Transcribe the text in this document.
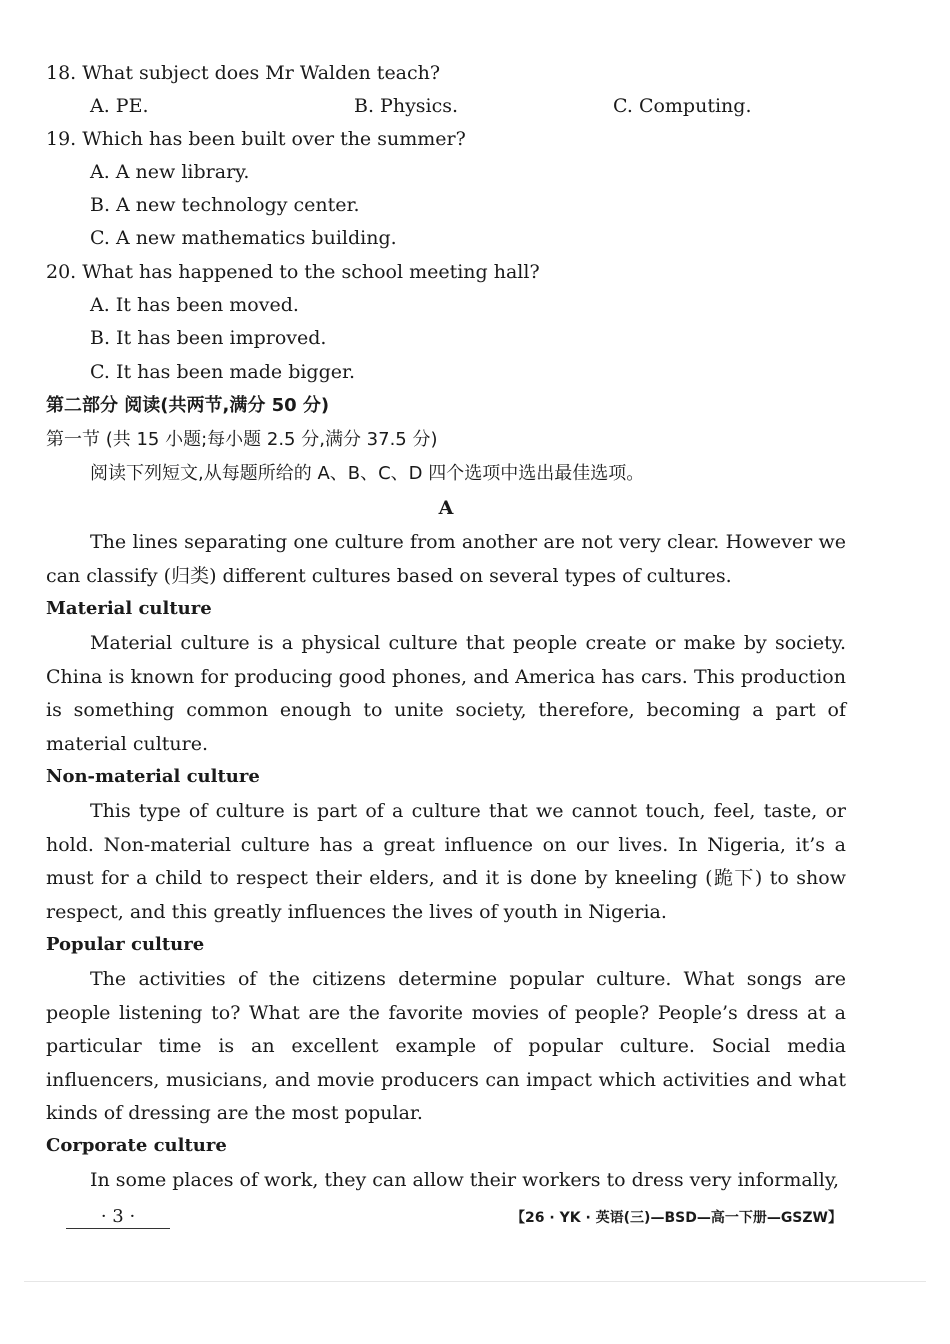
18. What subject does Mr Walden teach?
A. PE.	B. Physics.	C. Computing.
19. Which has been built over the summer?
A. A new library.
B. A new technology center.
C. A new mathematics building.
20. What has happened to the school meeting hall?
A. It has been moved.
B. It has been improved.
C. It has been made bigger.
第二部分 阅读(共两节,满分 50 分)
第一节 (共 15 小题;每小题 2.5 分,满分 37.5 分)
阅读下列短文,从每题所给的 A、B、C、D 四个选项中选出最佳选项。
A
The lines separating one culture from another are not very clear. However we can classify (归类) different cultures based on several types of cultures.
Material culture
Material culture is a physical culture that people create or make by society. China is known for producing good phones, and America has cars. This production is something common enough to unite society, therefore, becoming a part of material culture.
Non-material culture
This type of culture is part of a culture that we cannot touch, feel, taste, or hold. Non-material culture has a great influence on our lives. In Nigeria, it’s a must for a child to respect their elders, and it is done by kneeling (跪下) to show respect, and this greatly influences the lives of youth in Nigeria.
Popular culture
The activities of the citizens determine popular culture. What songs are people listening to? What are the favorite movies of people? People’s dress at a particular time is an excellent example of popular culture. Social media influencers, musicians, and movie producers can impact which activities and what kinds of dressing are the most popular.
Corporate culture
In some places of work, they can allow their workers to dress very informally,
· 3 ·	【26 · YK · 英语(三)—BSD—高一下册—GSZW】
